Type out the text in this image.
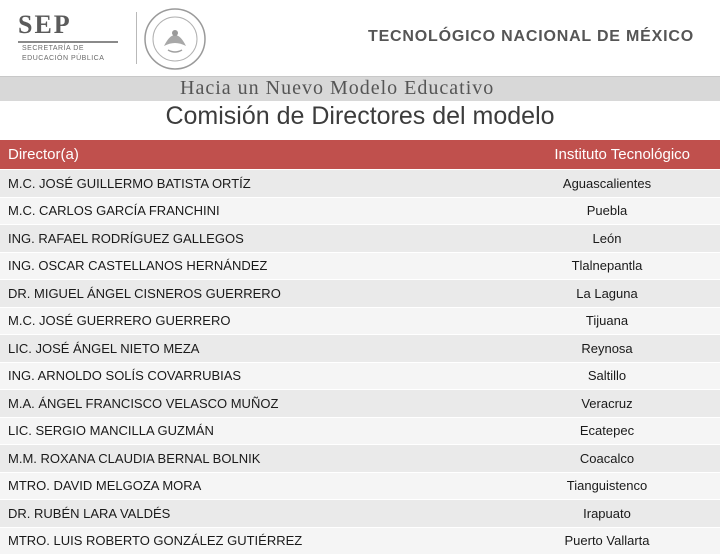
SEP
SECRETARÍA DE
EDUCACIÓN PÚBLICA
TECNOLÓGICO NACIONAL DE MÉXICO
Hacia un Nuevo Modelo Educativo
Comisión de Directores del modelo
Director(a)	Instituto Tecnológico
M.C. JOSÉ GUILLERMO BATISTA ORTÍZ	Aguascalientes
M.C. CARLOS GARCÍA FRANCHINI	Puebla
ING. RAFAEL RODRÍGUEZ GALLEGOS	León
ING. OSCAR CASTELLANOS HERNÁNDEZ	Tlalnepantla
DR. MIGUEL ÁNGEL CISNEROS GUERRERO	La Laguna
M.C. JOSÉ GUERRERO GUERRERO	Tijuana
LIC. JOSÉ ÁNGEL NIETO MEZA	Reynosa
ING. ARNOLDO SOLÍS COVARRUBIAS	Saltillo
M.A. ÁNGEL FRANCISCO VELASCO MUÑOZ	Veracruz
LIC. SERGIO MANCILLA GUZMÁN	Ecatepec
M.M. ROXANA CLAUDIA BERNAL BOLNIK	Coacalco
MTRO. DAVID MELGOZA MORA	Tianguistenco
DR. RUBÉN LARA VALDÉS	Irapuato
MTRO. LUIS ROBERTO GONZÁLEZ GUTIÉRREZ	Puerto Vallarta
